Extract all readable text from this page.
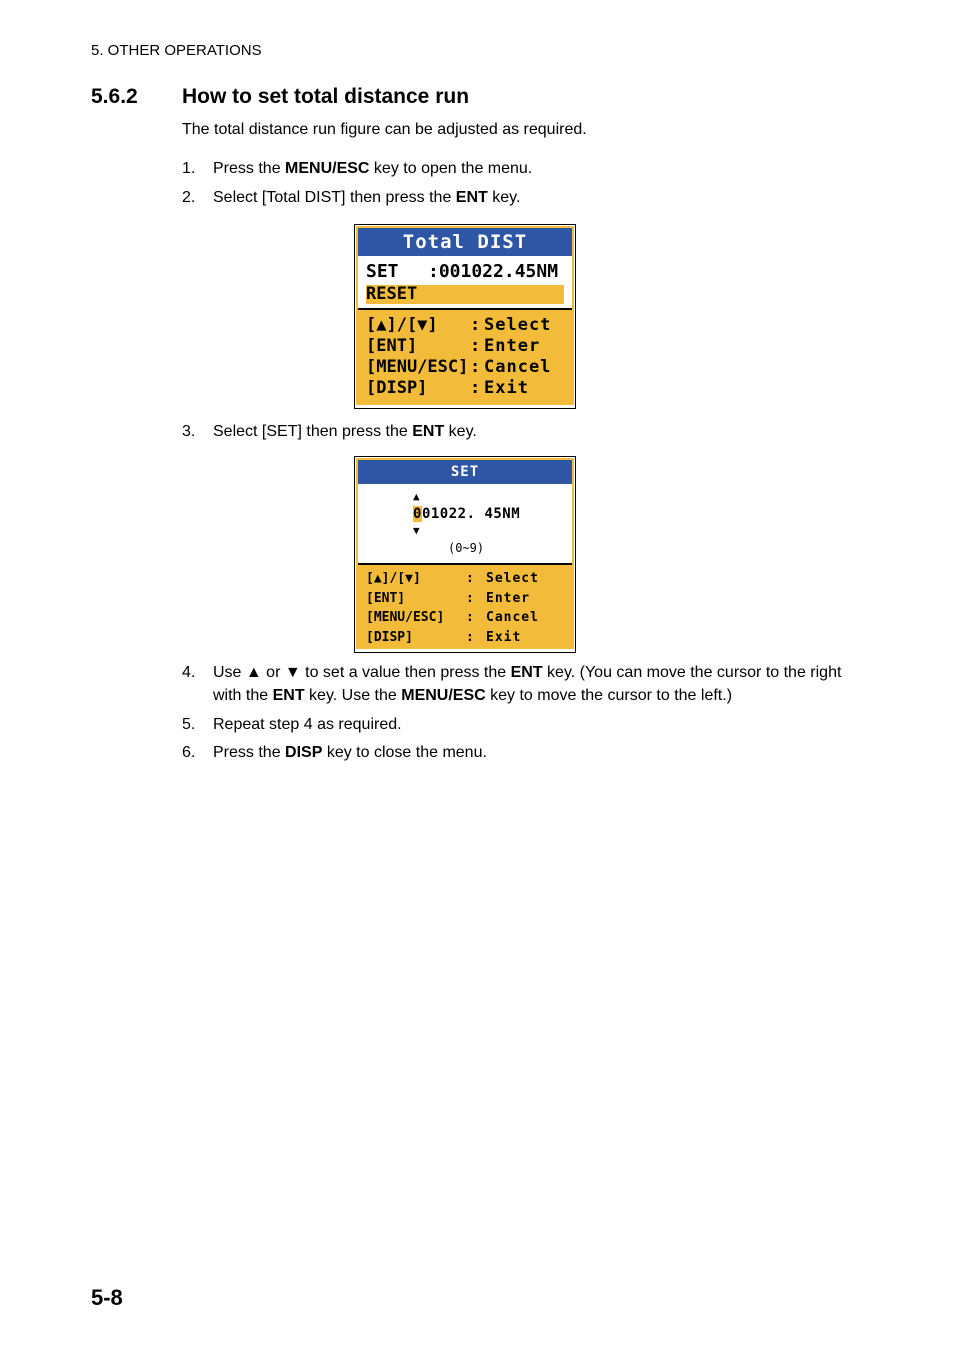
5. OTHER OPERATIONS
5.6.2 How to set total distance run
The total distance run figure can be adjusted as required.
1. Press the MENU/ESC key to open the menu.
2. Select [Total DIST] then press the ENT key.
3. Select [SET] then press the ENT key.
4. Use ▲ or ▼ to set a value then press the ENT key. (You can move the cursor to the right with the ENT key. Use the MENU/ESC key to move the cursor to the left.)
5. Repeat step 4 as required.
6. Press the DISP key to close the menu.
Total DIST
SET	:001022.45NM
RESET
[▲]/[▼]	: Select
[ENT]	: Enter
[MENU/ESC] : Cancel
[DISP]	: Exit
SET
▲
001022. 45NM
▼
(0~9)
[▲]/[▼]	: Select
[ENT]	: Enter
[MENU/ESC]	: Cancel
[DISP]	: Exit
5-8
